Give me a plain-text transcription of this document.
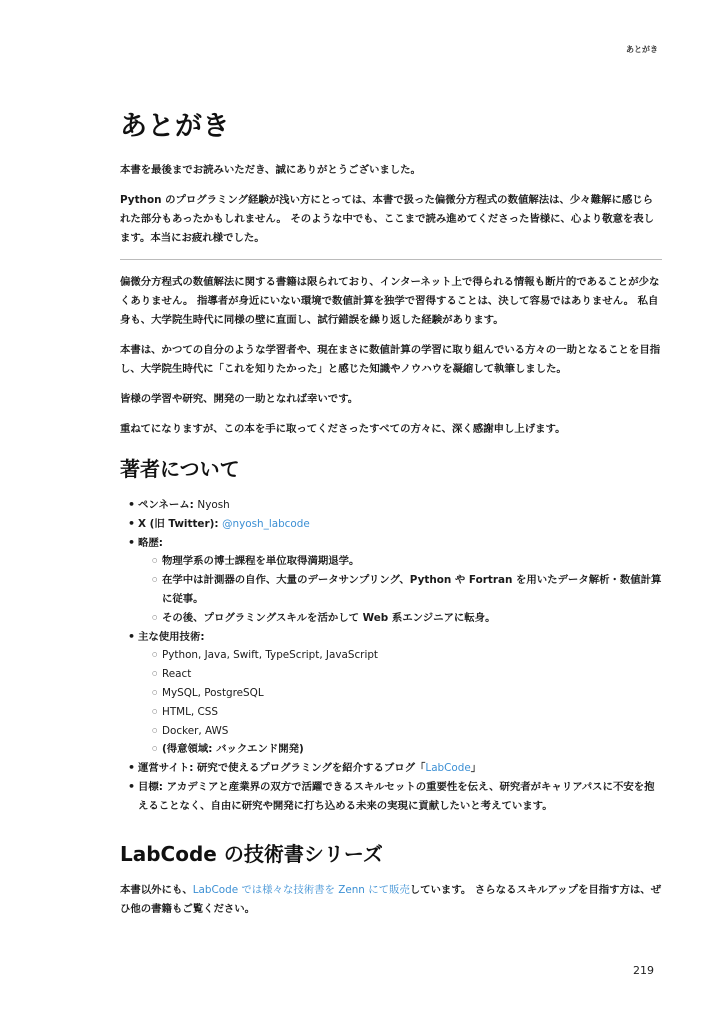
あとがき
あとがき

本書を最後までお読みいただき、誠にありがとうございました。

Python のプログラミング経験が浅い方にとっては、本書で扱った偏微分方程式の数値解法は、少々難解に感じられた部分もあったかもしれません。 そのような中でも、ここまで読み進めてくださった皆様に、心より敬意を表します。本当にお疲れ様でした。

偏微分方程式の数値解法に関する書籍は限られており、インターネット上で得られる情報も断片的であることが少なくありません。 指導者が身近にいない環境で数値計算を独学で習得することは、決して容易ではありません。 私自身も、大学院生時代に同様の壁に直面し、試行錯誤を繰り返した経験があります。

本書は、かつての自分のような学習者や、現在まさに数値計算の学習に取り組んでいる方々の一助となることを目指し、大学院生時代に「これを知りたかった」と感じた知識やノウハウを凝縮して執筆しました。

皆様の学習や研究、開発の一助となれば幸いです。

重ねてになりますが、この本を手に取ってくださったすべての方々に、深く感謝申し上げます。

著者について
• ペンネーム: Nyosh
• X (旧 Twitter): @nyosh_labcode
• 略歴:
○ 物理学系の博士課程を単位取得満期退学。
○ 在学中は計測器の自作、大量のデータサンプリング、Python や Fortran を用いたデータ解析・数値計算に従事。
○ その後、プログラミングスキルを活かして Web 系エンジニアに転身。
• 主な使用技術:
○ Python, Java, Swift, TypeScript, JavaScript
○ React
○ MySQL, PostgreSQL
○ HTML, CSS
○ Docker, AWS
○ (得意領域: バックエンド開発)
• 運営サイト: 研究で使えるプログラミングを紹介するブログ「LabCode」
• 目標: アカデミアと産業界の双方で活躍できるスキルセットの重要性を伝え、研究者がキャリアパスに不安を抱えることなく、自由に研究や開発に打ち込める未来の実現に貢献したいと考えています。
LabCode の技術書シリーズ

本書以外にも、LabCode では様々な技術書を Zenn にて販売しています。 さらなるスキルアップを目指す方は、ぜひ他の書籍もご覧ください。

219
